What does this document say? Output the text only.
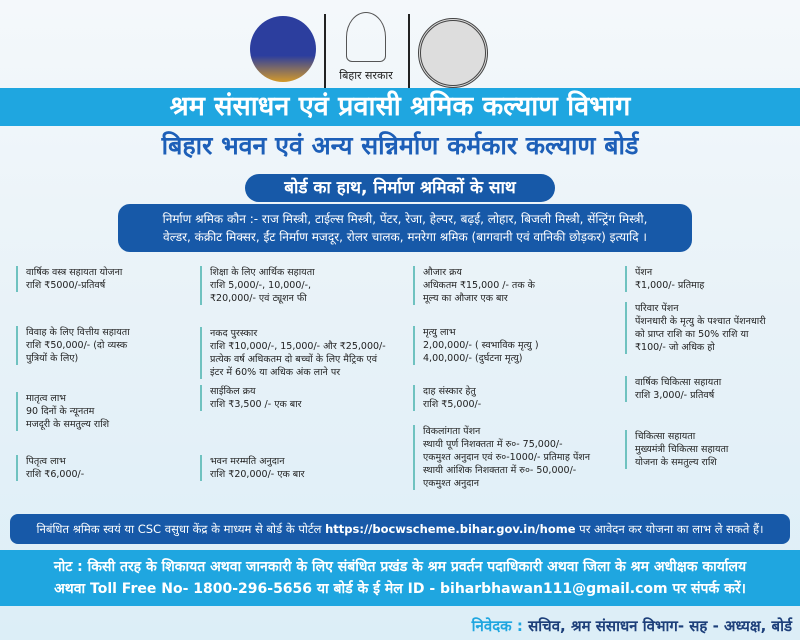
बिहार सरकार
श्रम संसाधन एवं प्रवासी श्रमिक कल्याण विभाग
बिहार भवन एवं अन्य सन्निर्माण कर्मकार कल्याण बोर्ड
बोर्ड का हाथ, निर्माण श्रमिकों के साथ
निर्माण श्रमिक कौन :- राज मिस्त्री, टाईल्स मिस्त्री, पेंटर, रेजा, हेल्पर, बढ़ई, लोहार, बिजली मिस्त्री, सेंन्ट्रिंग मिस्त्री,
वेल्डर, कंक्रीट मिक्सर, ईंट निर्माण मजदूर, रोलर चालक, मनरेगा श्रमिक (बागवानी एवं वानिकी छोड़कर) इत्यादि ।
वार्षिक वस्त्र सहायता योजना
राशि ₹5000/-प्रतिवर्ष
विवाह के लिए वित्तीय सहायता
राशि ₹50,000/- (दो व्यस्क
पुत्रियों के लिए)
मातृत्व लाभ
90 दिनों के न्यूनतम
मजदूरी के समतुल्य राशि
पितृत्व लाभ
राशि ₹6,000/-
शिक्षा के लिए आर्थिक सहायता
राशि 5,000/-, 10,000/-,
₹20,000/- एवं ट्यूशन फी
नकद पुरस्कार
राशि ₹10,000/-, 15,000/- और ₹25,000/-
प्रत्येक वर्ष अधिकतम दो बच्चों के लिए मैट्रिक एवं
इंटर में 60% या अधिक अंक लाने पर
साईकिल क्रय
राशि ₹3,500 /- एक बार
भवन मरम्मति अनुदान
राशि ₹20,000/- एक बार
औजार क्रय
अधिकतम ₹15,000 /- तक के
मूल्य का औजार एक बार
मृत्यु लाभ
2,00,000/- ( स्वभाविक मृत्यु )
4,00,000/- (दुर्घटना मृत्यु)
दाह संस्कार हेतु
राशि ₹5,000/-
विकलांगता पेंशन
स्थायी पूर्ण निशक्तता में रु०- 75,000/-
एकमुश्त अनुदान एवं रु०-1000/- प्रतिमाह पेंशन
स्थायी आंशिक निशक्तता में रु०- 50,000/-
एकमुश्त अनुदान
पेंशन
₹1,000/- प्रतिमाह
परिवार पेंशन
पेंशनधारी के मृत्यु के पश्चात पेंशनधारी
को प्राप्त राशि का 50% राशि या
₹100/- जो अधिक हो
वार्षिक चिकित्सा सहायता
राशि 3,000/- प्रतिवर्ष
चिकित्सा सहायता
मुख्यमंत्री चिकित्सा सहायता
योजना के समतुल्य राशि
निबंधित श्रमिक स्वयं या CSC वसुधा केंद्र के माध्यम से बोर्ड के पोर्टल https://bocwscheme.bihar.gov.in/home पर आवेदन कर योजना का लाभ ले सकते हैं।
नोट : किसी तरह के शिकायत अथवा जानकारी के लिए संबंधित प्रखंड के श्रम प्रवर्तन पदाधिकारी अथवा जिला के श्रम अधीक्षक कार्यालय
अथवा Toll Free No- 1800-296-5656 या बोर्ड के ई मेल ID - biharbhawan111@gmail.com पर संपर्क करें।
निवेदक : सचिव, श्रम संसाधन विभाग- सह - अध्यक्ष, बोर्ड
